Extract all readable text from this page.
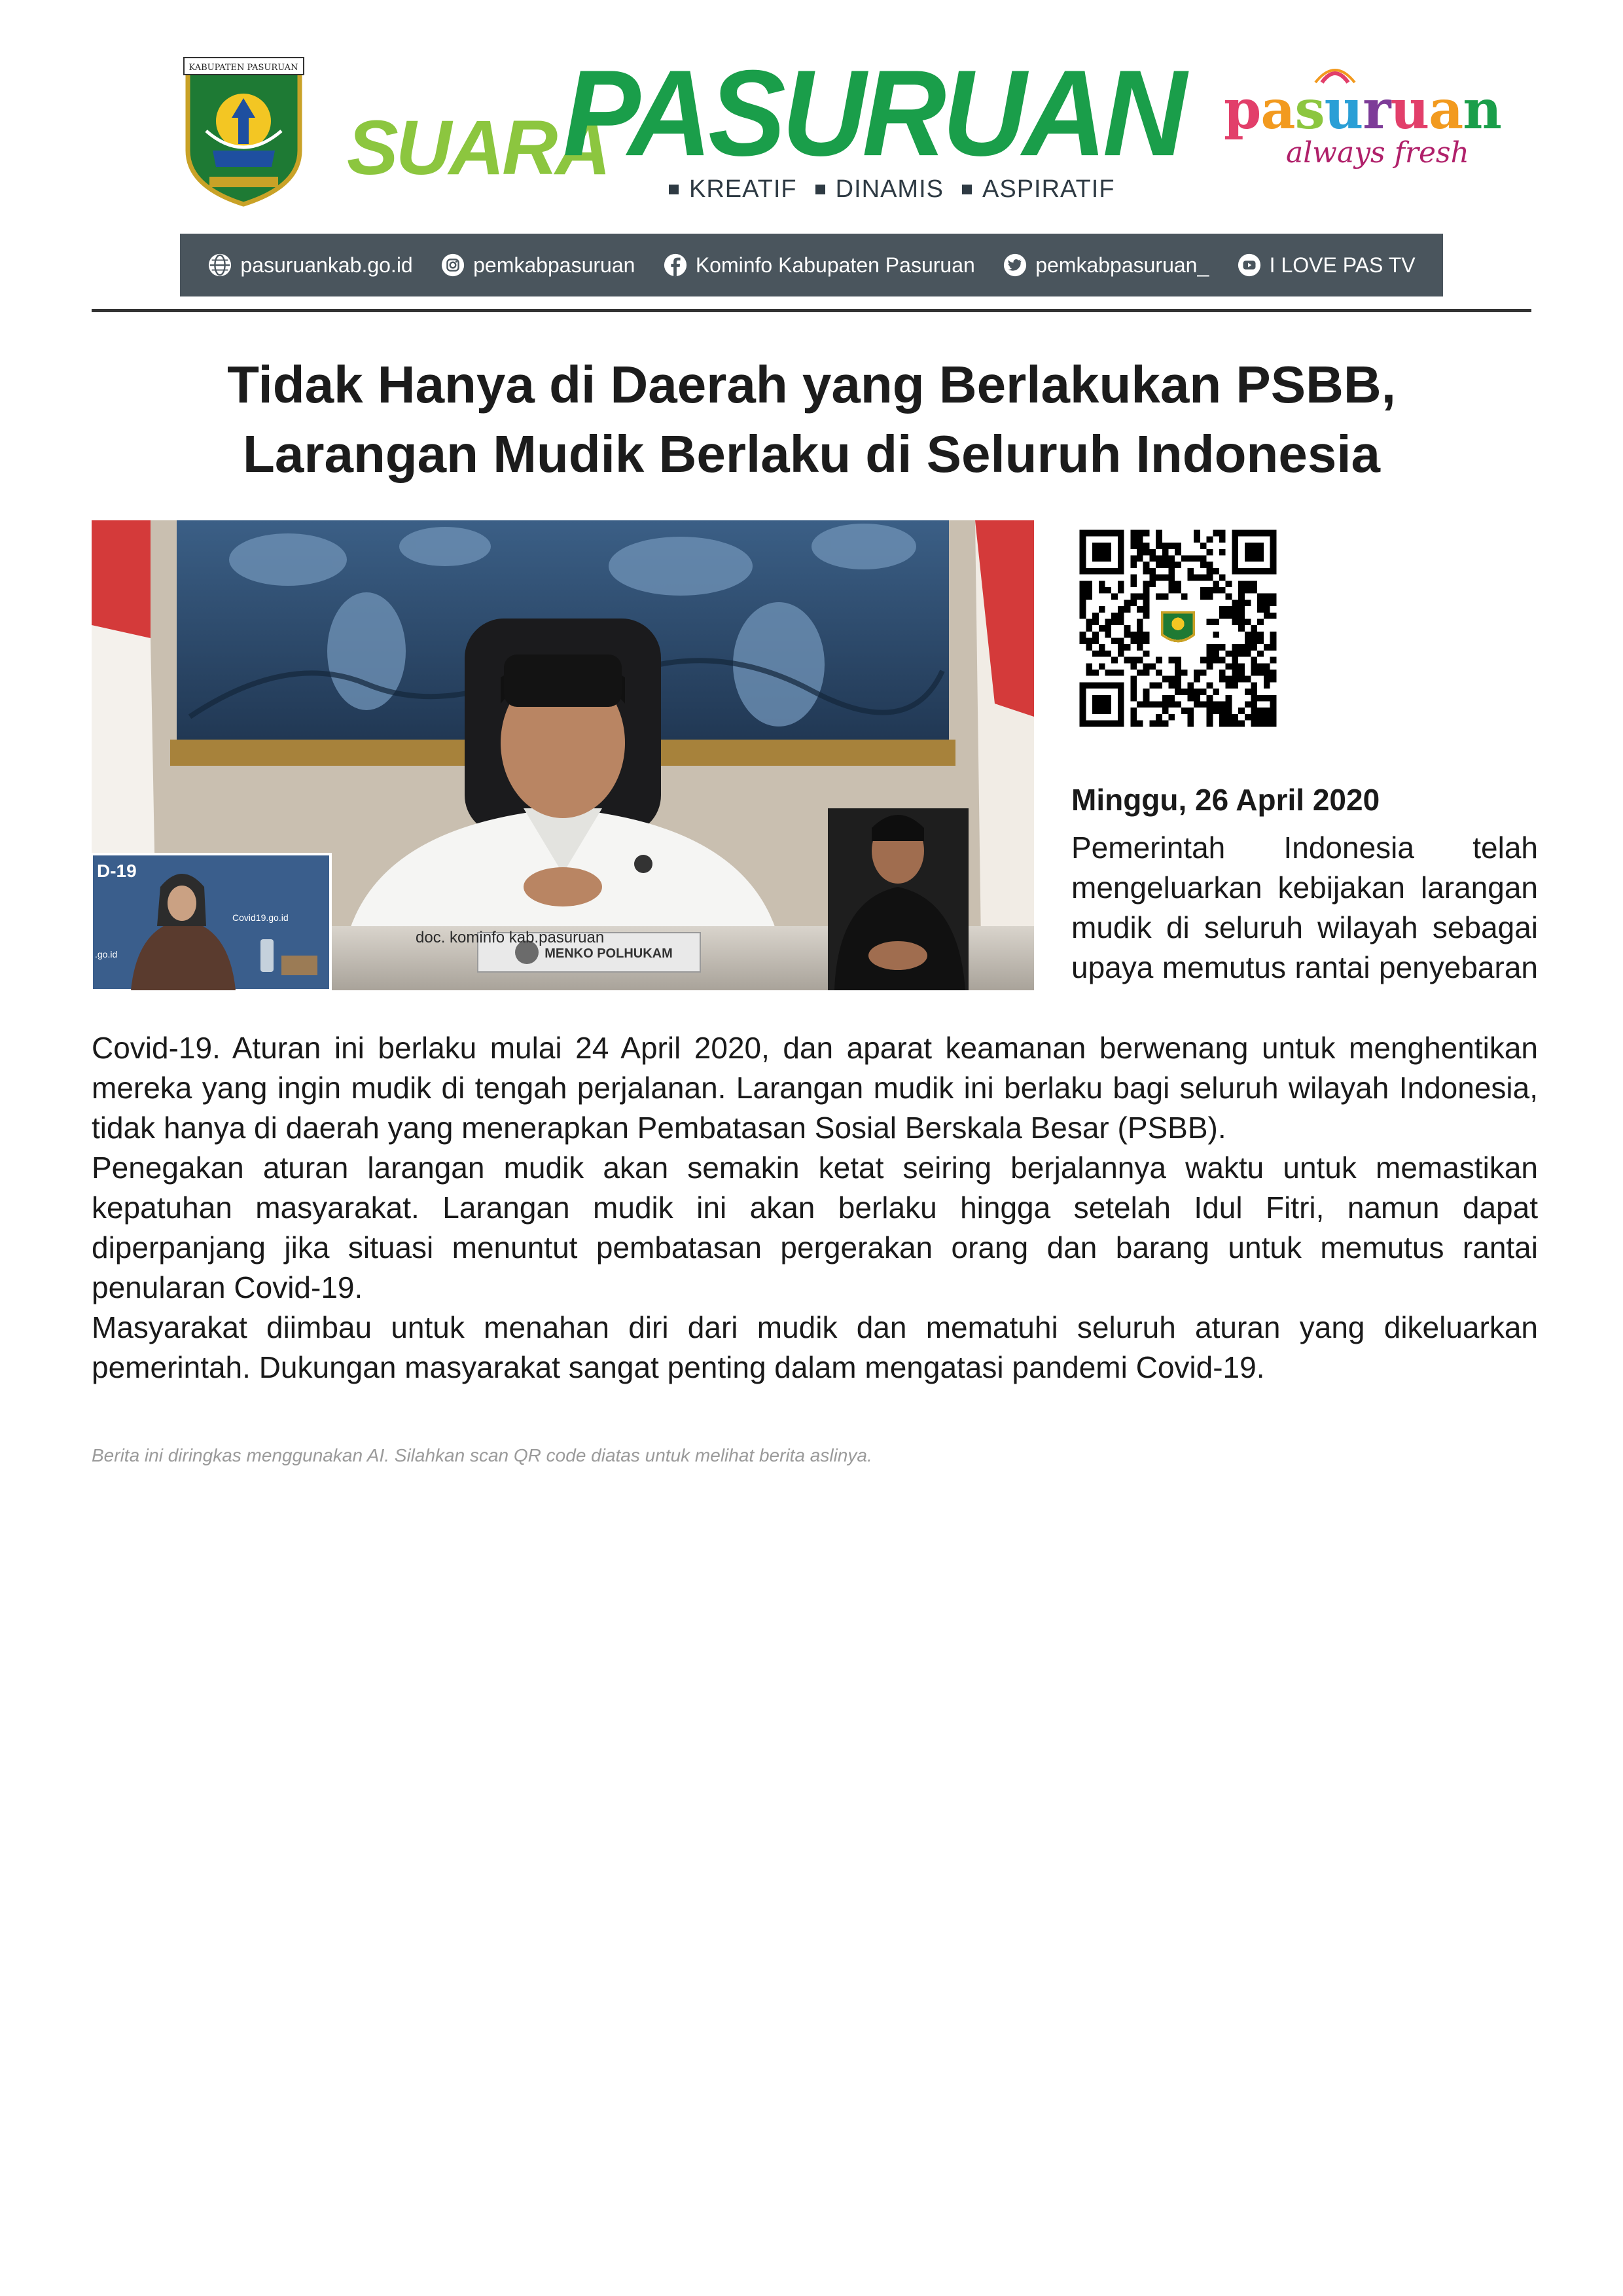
KABUPATEN PASURUAN
SUARA
PASURUAN
KREATIF	DINAMIS	ASPIRATIF
pasuruan
always fresh
pasuruankab.go.id	pemkabpasuruan	Kominfo Kabupaten Pasuruan	pemkabpasuruan_	I LOVE PAS TV
Tidak Hanya di Daerah yang Berlakukan PSBB,
Larangan Mudik Berlaku di Seluruh Indonesia
MENKO POLHUKAM
doc. kominfo kab.pasuruan
D-19
Covid19.go.id
.go.id
Minggu, 26 April 2020
Pemerintah Indonesia telah mengeluarkan kebijakan larangan mudik di seluruh wilayah sebagai upaya memutus rantai penyebaran

Covid-19. Aturan ini berlaku mulai 24 April 2020, dan aparat keamanan berwenang untuk menghentikan mereka yang ingin mudik di tengah perjalanan. Larangan mudik ini berlaku bagi seluruh wilayah Indonesia, tidak hanya di daerah yang menerapkan Pembatasan Sosial Berskala Besar (PSBB).

Penegakan aturan larangan mudik akan semakin ketat seiring berjalannya waktu untuk memastikan kepatuhan masyarakat. Larangan mudik ini akan berlaku hingga setelah Idul Fitri, namun dapat diperpanjang jika situasi menuntut pembatasan pergerakan orang dan barang untuk memutus rantai penularan Covid-19.

Masyarakat diimbau untuk menahan diri dari mudik dan mematuhi seluruh aturan yang dikeluarkan pemerintah. Dukungan masyarakat sangat penting dalam mengatasi pandemi Covid-19.

Berita ini diringkas menggunakan AI. Silahkan scan QR code diatas untuk melihat berita aslinya.
